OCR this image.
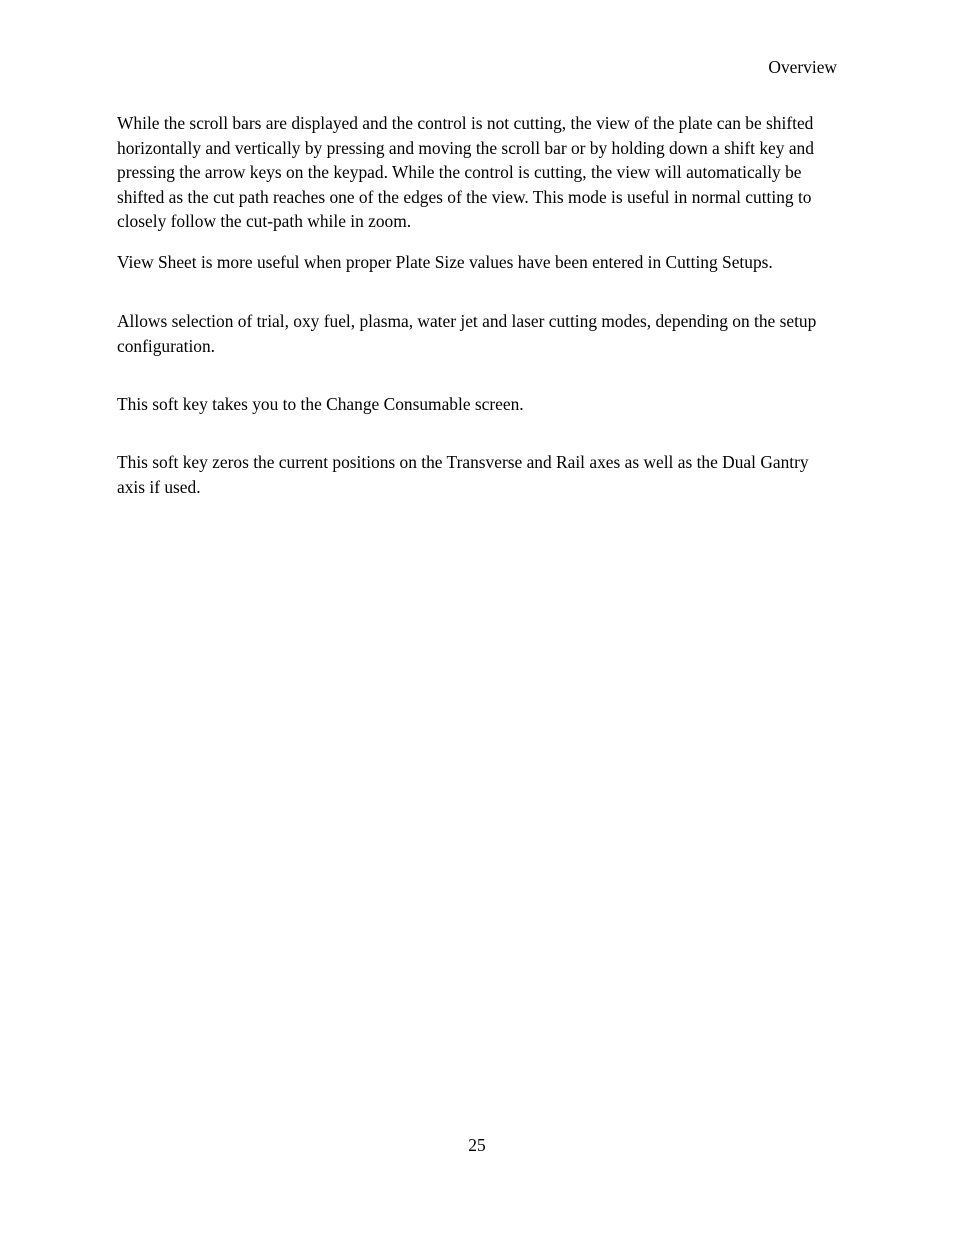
Overview

While the scroll bars are displayed and the control is not cutting, the view of the plate can be shifted horizontally and vertically by pressing and moving the scroll bar or by holding down a shift key and pressing the arrow keys on the keypad. While the control is cutting, the view will automatically be shifted as the cut path reaches one of the edges of the view. This mode is useful in normal cutting to closely follow the cut-path while in zoom.

View Sheet is more useful when proper Plate Size values have been entered in Cutting Setups.

Allows selection of trial, oxy fuel, plasma, water jet and laser cutting modes, depending on the setup configuration.

This soft key takes you to the Change Consumable screen.

This soft key zeros the current positions on the Transverse and Rail axes as well as the Dual Gantry axis if used.

25
